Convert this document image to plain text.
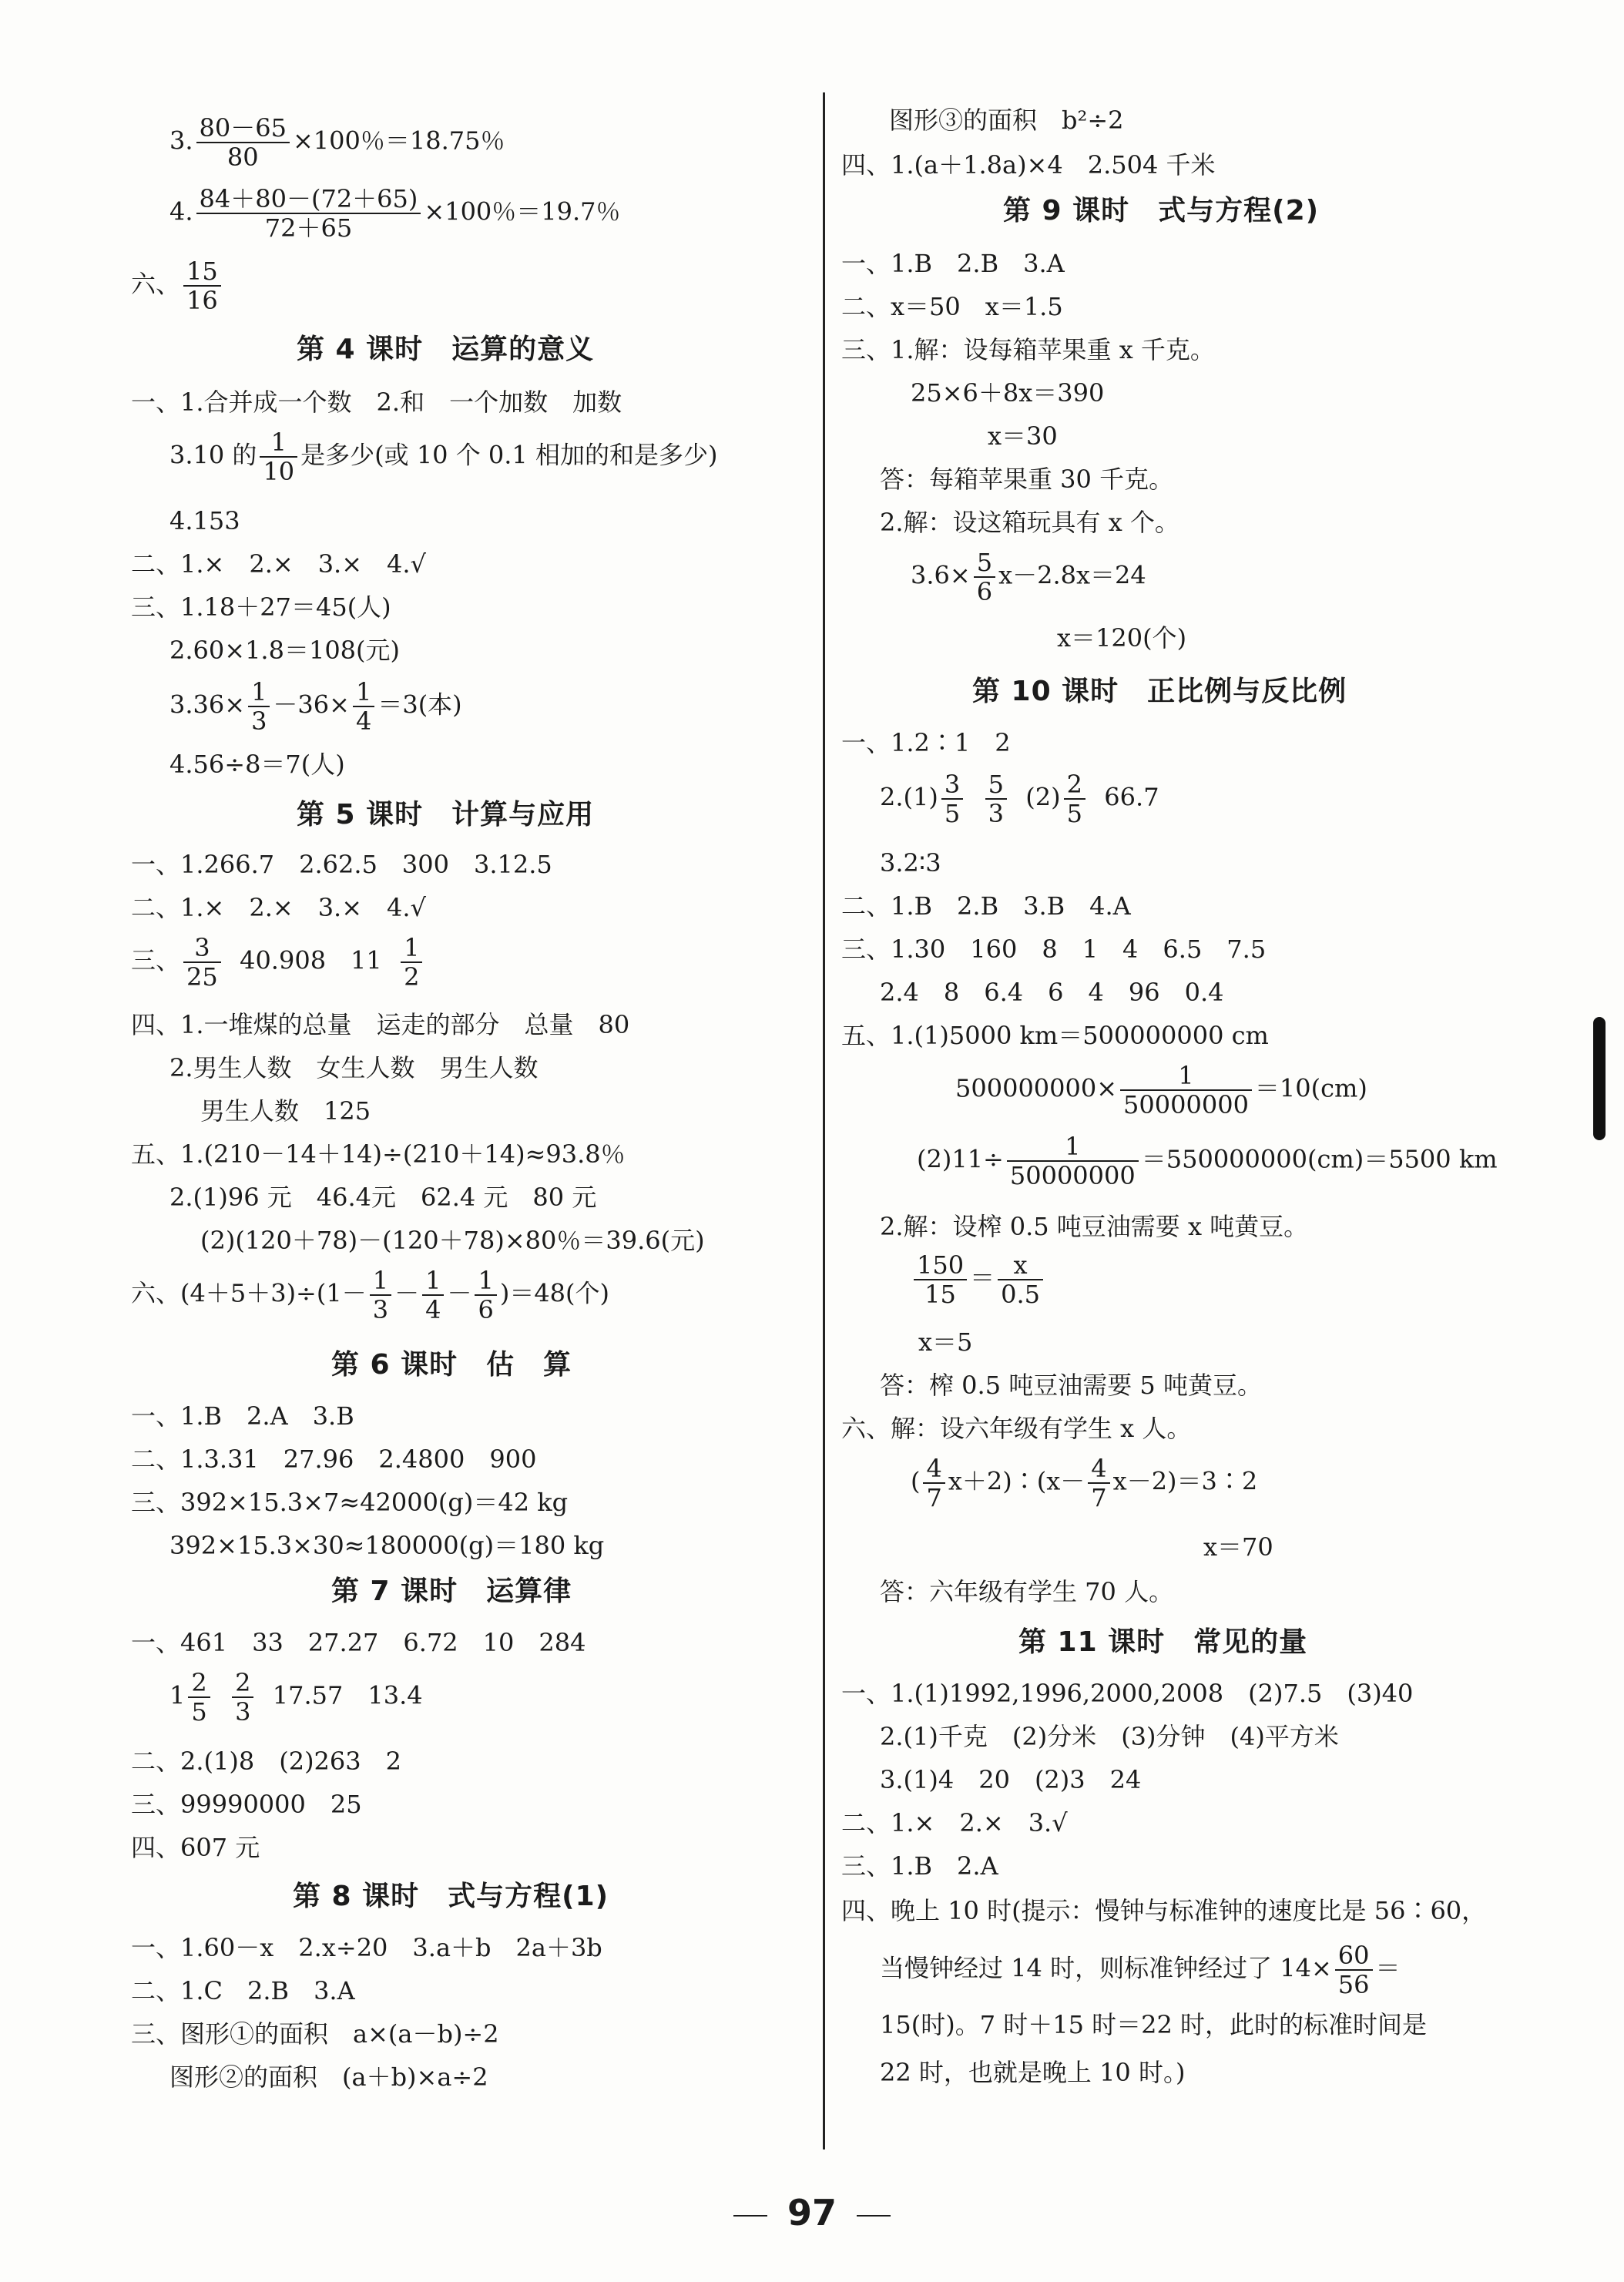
3. $\frac{80-65}{80} \times 100$％＝18.75％
4. $\frac{84+80-(72+65)}{72+65} \times 100$％＝19.7％
六、 $\frac{15}{16}$
第 4 课时　运算的意义
一、1.合并成一个数　2.和　一个加数　加数
3.10 的 $\frac{1}{10}$ 是多少(或 10 个 0.1 相加的和是多少)
4.153
二、1.×　2.×　3.×　4.√
三、1.18＋27＝45(人)
2.60×1.8＝108(元)
$3.36\times \frac{1}{3} -36\times \frac{1}{4} =3$(本)
4.56÷8＝7(人)
第 5 课时　计算与应用
一、1.266.7　2.62.5　300　3.12.5
二、1.×　2.×　3.×　4.√
三、 $\frac{3}{25} 40.908$　$11 \frac{1}{2}$
四、1.一堆煤的总量　运走的部分　总量　80
2.男生人数　女生人数　男生人数
男生人数　125
五、1.(210－14＋14)÷(210＋14)≈93.8％
2.(1)96 元　46.4元　62.4 元　80 元
(2)(120＋78)－(120＋78)×80％＝39.6(元)
六、$(4+5+3)\div(1- \frac{1}{3} - \frac{1}{4} - \frac{1}{6} )=48$(个)
第 6 课时　估　算
一、1.B　2.A　3.B
二、1.3.31　27.96　2.4800　900
三、392×15.3×7≈42000(g)＝42 kg
392×15.3×30≈180000(g)＝180 kg
第 7 课时　运算律
一、461　33　27.27　6.72　10　284
$1 \frac{2}{5}$
$\frac{2}{3} 17.57$　13.4
二、2.(1)8　(2)263　2
三、99990000　25
四、607 元
第 8 课时　式与方程(1)
一、1.60－x　2.x÷20　3.a＋b　2a＋3b
二、1.C　2.B　3.A
三、图形①的面积　a×(a－b)÷2
图形②的面积　(a＋b)×a÷2
图形③的面积　b²÷2
四、1.(a＋1.8a)×4　2.504 千米
第 9 课时　式与方程(2)
一、1.B　2.B　3.A
二、x＝50　x＝1.5
三、1.解：设每箱苹果重 x 千克。
25×6＋8x＝390
x＝30
答：每箱苹果重 30 千克。
2.解：设这箱玩具有 x 个。
$3.6\times \frac{5}{6} x-2.8x=24$
x＝120(个)
第 10 课时　正比例与反比例
一、1.2∶1　2
$2.(1) \frac{3}{5}$
$\frac{5}{3} (2) \frac{2}{5} 66.7$
3.2∶3
二、1.B　2.B　3.B　4.A
三、1.30　160　8　1　4　6.5　7.5
2.4　8　6.4　6　4　96　0.4
五、1.(1)5000 km＝500000000 cm
$500000000\times \frac{1}{50000000} =10(cm)$
$(2)11\div \frac{1}{50000000} =550000000(cm)=5500$ km
2.解：设榨 0.5 吨豆油需要 x 吨黄豆。
$\frac{150}{15} = \frac{x}{0.5}$
x＝5
答：榨 0.5 吨豆油需要 5 吨黄豆。
六、解：设六年级有学生 x 人。
( $\frac{4}{7}$ x＋2)∶(x－ $\frac{4}{7}$ x－2)＝3∶2
x＝70
答：六年级有学生 70 人。
第 11 课时　常见的量
一、1.(1)1992,1996,2000,2008　(2)7.5　(3)40
2.(1)千克　(2)分米　(3)分钟　(4)平方米
3.(1)4　20　(2)3　24
二、1.×　2.×　3.√
三、1.B　2.A
四、晚上 10 时(提示：慢钟与标准钟的速度比是 56∶60，
当慢钟经过 14 时，则标准钟经过了 $14\times \frac{60}{56}$ ＝
15(时)。7 时＋15 时＝22 时，此时的标准时间是
22 时，也就是晚上 10 时。)
97
